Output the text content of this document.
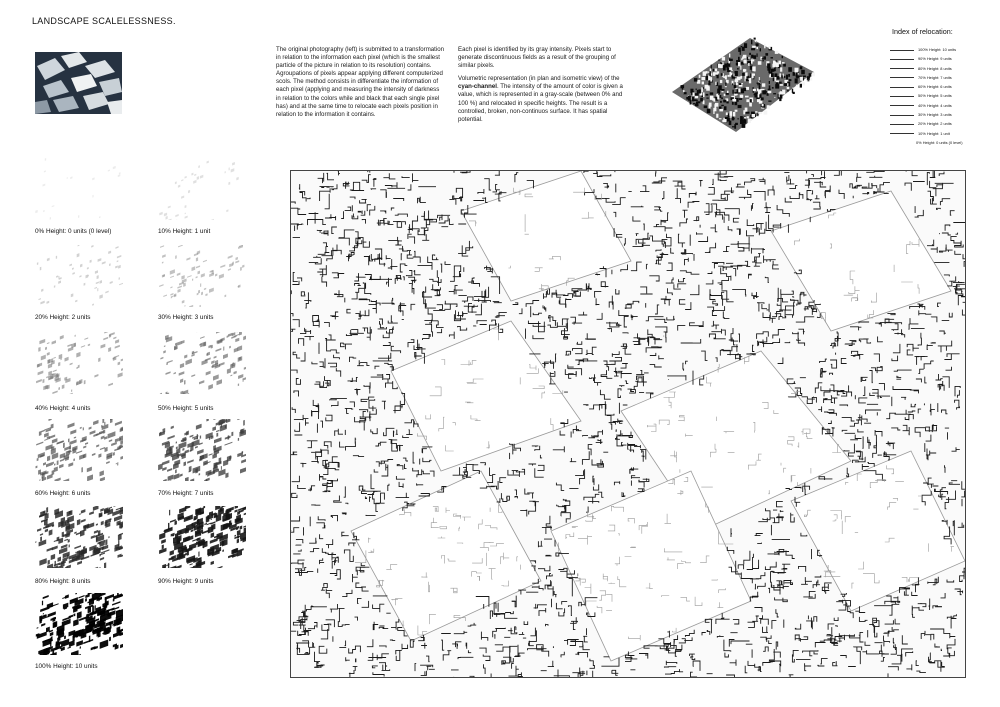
LANDSCAPE SCALELESSNESS.
The original photography (left) is submitted to a transformation in relation to the information each pixel (which is the smallest particle of the picture in relation to its resolution) contains. Agroupations of pixels appear applying different computerized scols. The method consists in differentiate the information of each pixel (applying and measuring the intensity of darkness in relation to the colors while and black that each single pixel has) and at the same time to relocate each pixels position in relation to the information it contains.

Each pixel is identified by its gray intensity. Pixels start to generate discontinuous fields as a result of the grouping of similar pixels.

Volumetric representation (in plan and isometric view) of the cyan-channel. The intensity of the amount of color is given a value, which is represented in a gray-scale (between 0% and 100 %) and relocated in specific heights. The result is a controlled, broken, non-continuos surface. It has spatial potential.

Index of relocation:
100% Height: 10 units
90% Height: 9 units
80% Height: 8 units
70% Height: 7 units
60% Height: 6 units
50% Height: 5 units
40% Height: 4 units
30% Height: 3 units
20% Height: 2 units
10% Height: 1 unit
0% Height: 0 units (0 level)
0% Height: 0 units (0 level)	10% Height: 1 unit
20% Height: 2 units	30% Height: 3 units
40% Height: 4 units	50% Height: 5 units
60% Height: 6 units	70% Height: 7 units
80% Height: 8 units	90% Height: 9 units
100% Height: 10 units
